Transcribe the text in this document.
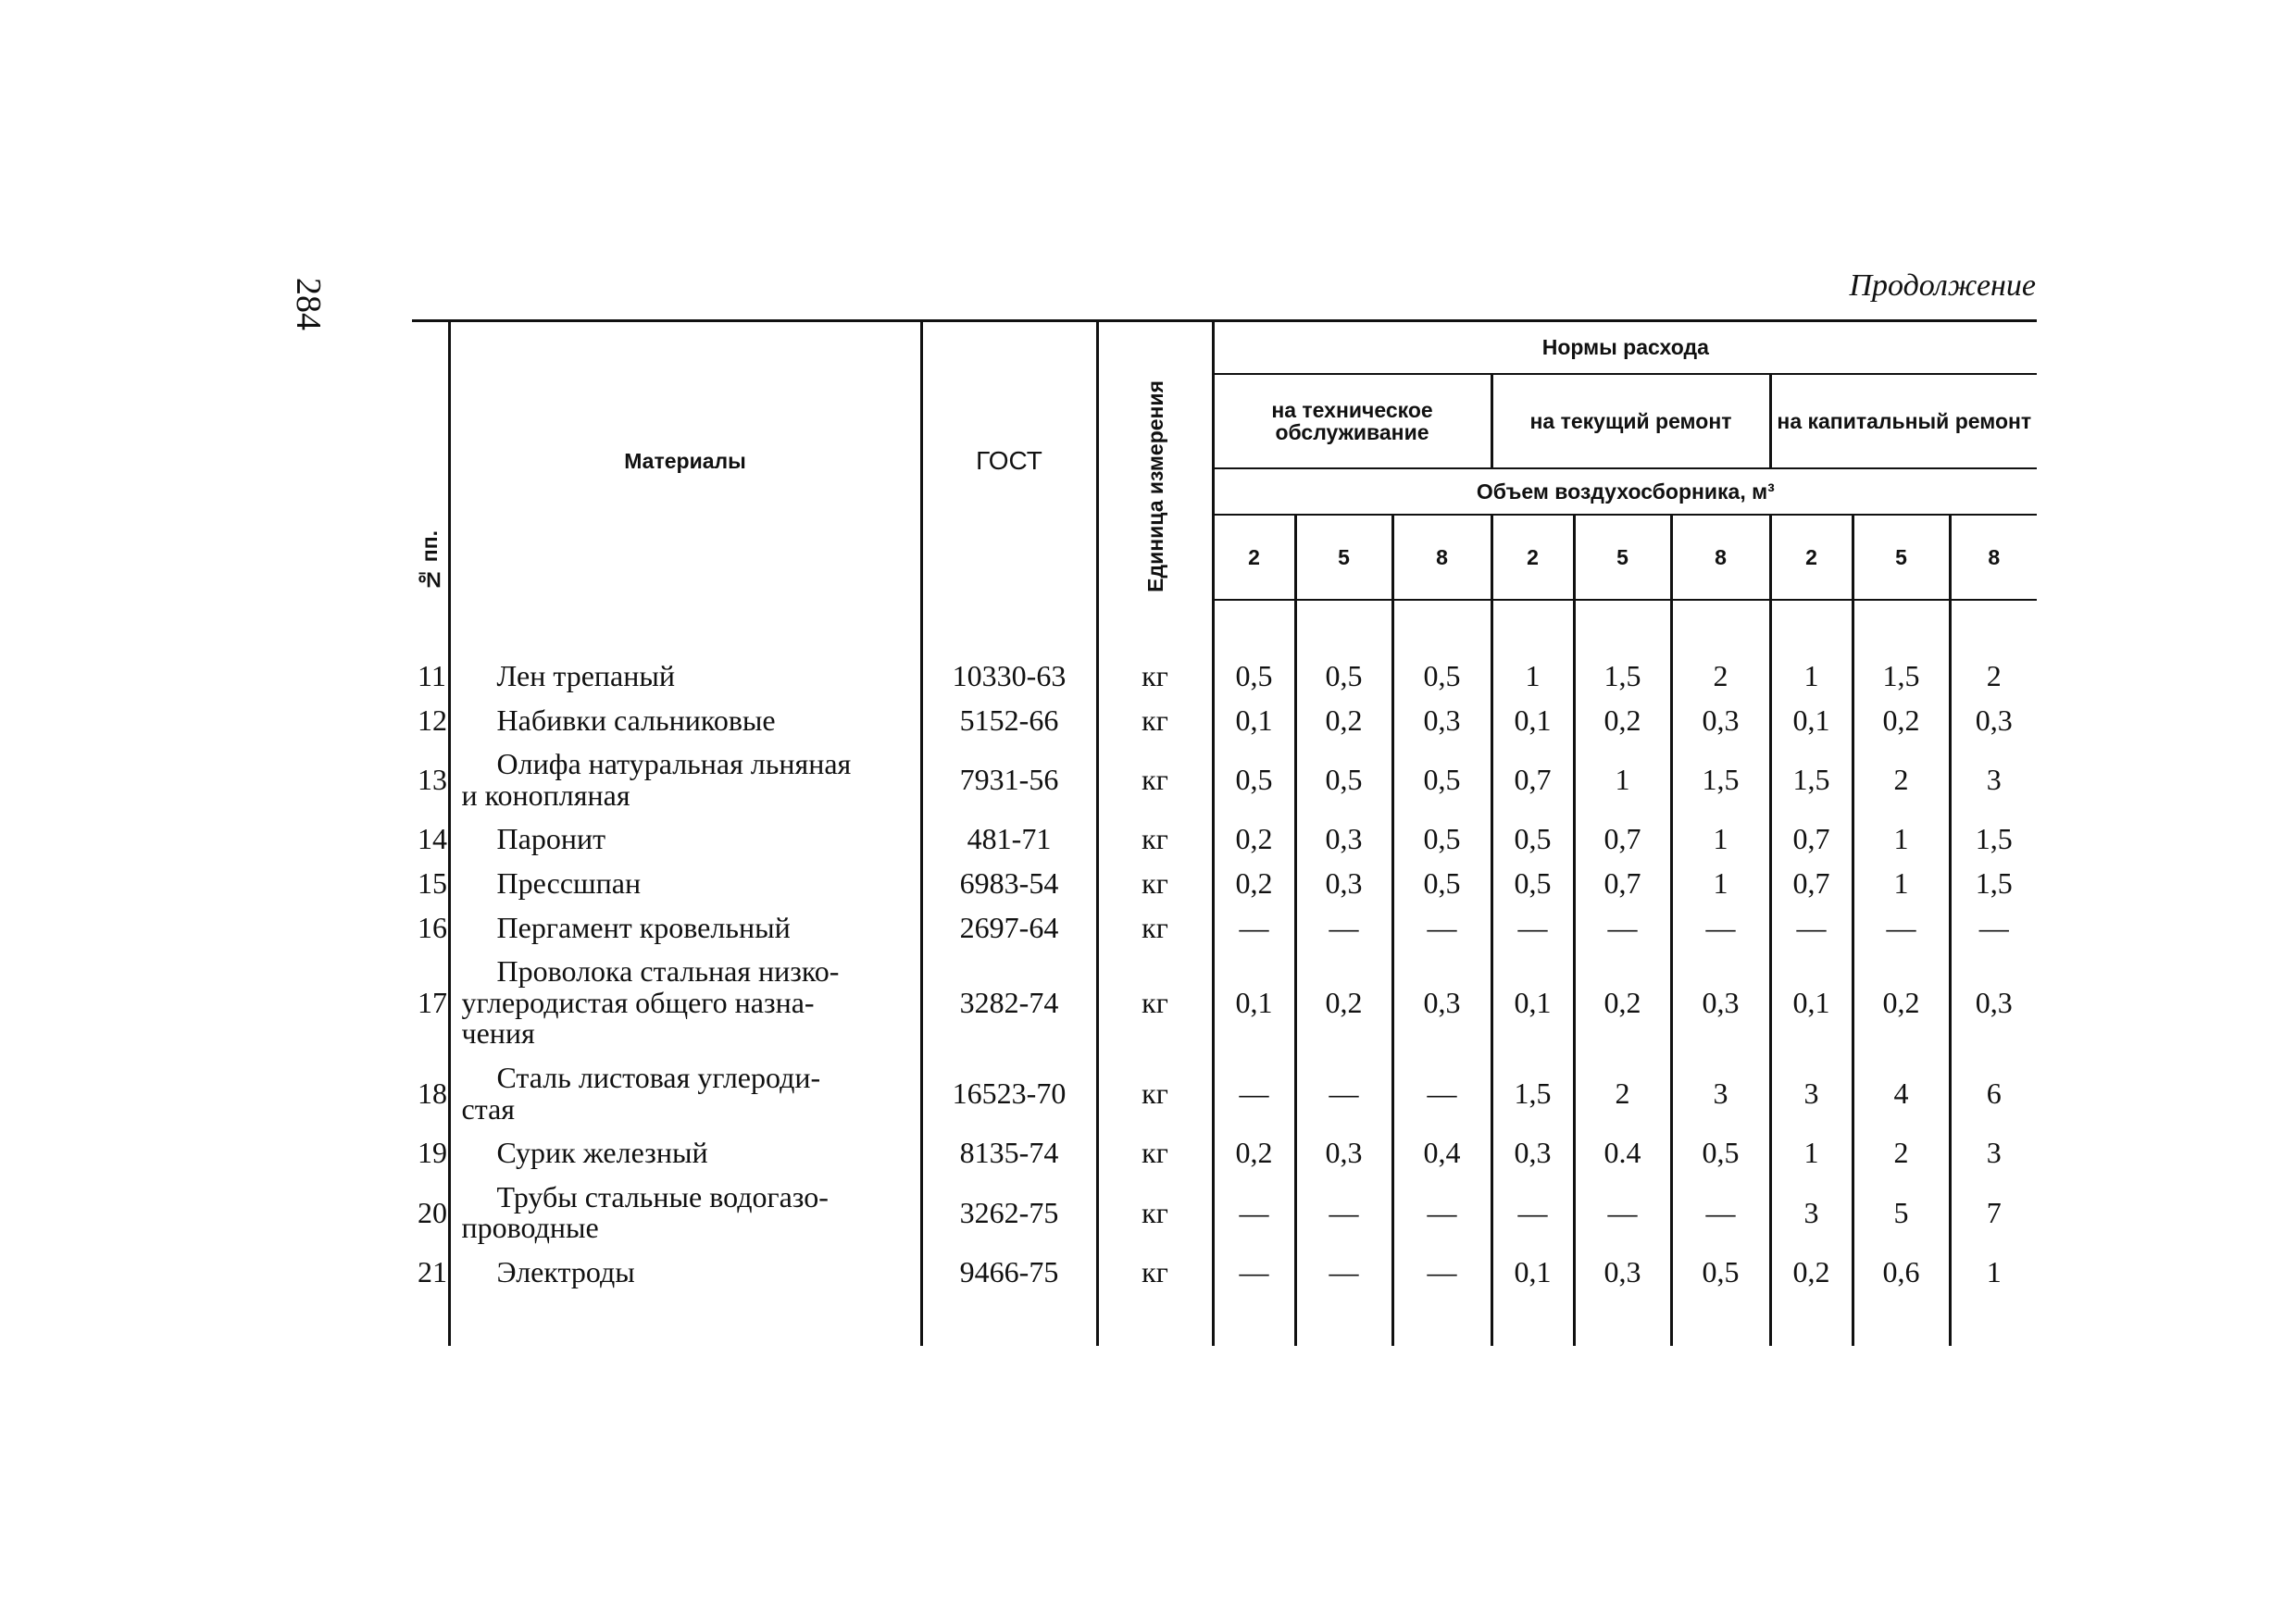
284	Продолжение
№ пп.	Материалы	ГОСТ	Единица измерения	Нормы расхода								
				на техническое обслуживание			на текущий ремонт			на капитальный ремонт		
				Объем воздухосборника, м³								
				2	5	8	2	5	8	2	5	8

11	Лен трепаный	10330-63	кг	0,5	0,5	0,5	1	1,5	2	1	1,5	2
12	Набивки сальниковые	5152-66	кг	0,1	0,2	0,3	0,1	0,2	0,3	0,1	0,2	0,3
13	Олифа натуральная льняная
и конопляная	7931-56	кг	0,5	0,5	0,5	0,7	1	1,5	1,5	2	3
14	Паронит	481-71	кг	0,2	0,3	0,5	0,5	0,7	1	0,7	1	1,5
15	Прессшпан	6983-54	кг	0,2	0,3	0,5	0,5	0,7	1	0,7	1	1,5
16	Пергамент кровельный	2697-64	кг	—	—	—	—	—	—	—	—	—
17	Проволока стальная низко-
углеродистая общего назна-
чения	3282-74	кг	0,1	0,2	0,3	0,1	0,2	0,3	0,1	0,2	0,3
18	Сталь листовая углероди-
стая	16523-70	кг	—	—	—	1,5	2	3	3	4	6
19	Сурик железный	8135-74	кг	0,2	0,3	0,4	0,3	0.4	0,5	1	2	3
20	Трубы стальные водогазо-
проводные	3262-75	кг	—	—	—	—	—	—	3	5	7
21	Электроды	9466-75	кг	—	—	—	0,1	0,3	0,5	0,2	0,6	1
